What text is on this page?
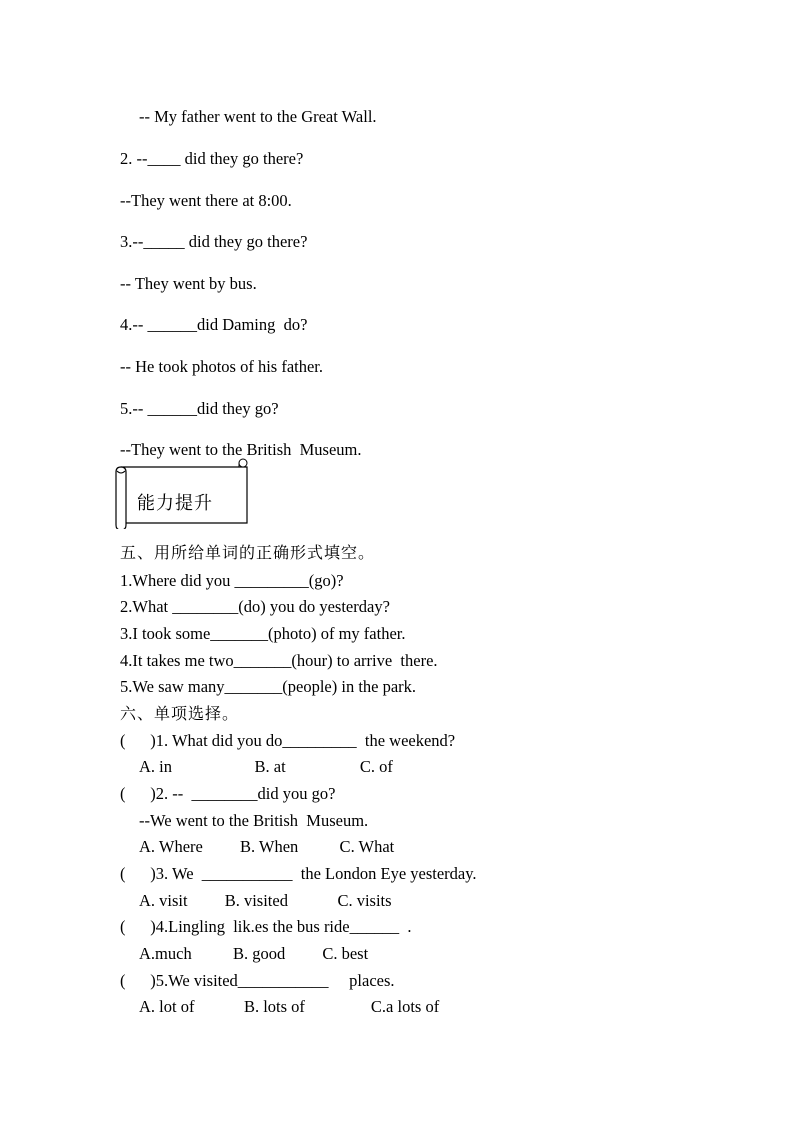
-- My father went to the Great Wall.
2. --____ did they go there?
--They went there at 8:00.
3.--_____ did they go there?
-- They went by bus.
4.-- ______did Daming  do?
-- He took photos of his father.
5.-- ______did they go?
--They went to the British  Museum.
能力提升
五、用所给单词的正确形式填空。
1.Where did you _________(go)?
2.What ________(do) you do yesterday?
3.I took some_______(photo) of my father.
4.It takes me two_______(hour) to arrive  there.
5.We saw many_______(people) in the park.
六、单项选择。
(      )1. What did you do_________  the weekend?
A. in                    B. at                  C. of
(      )2. --  ________did you go?
--We went to the British  Museum.
A. Where         B. When          C. What
(      )3. We  ___________  the London Eye yesterday.
A. visit         B. visited            C. visits
(      )4.Lingling  lik.es the bus ride______  .
A.much          B. good         C. best
(      )5.We visited___________     places.
A. lot of            B. lots of                C.a lots of
